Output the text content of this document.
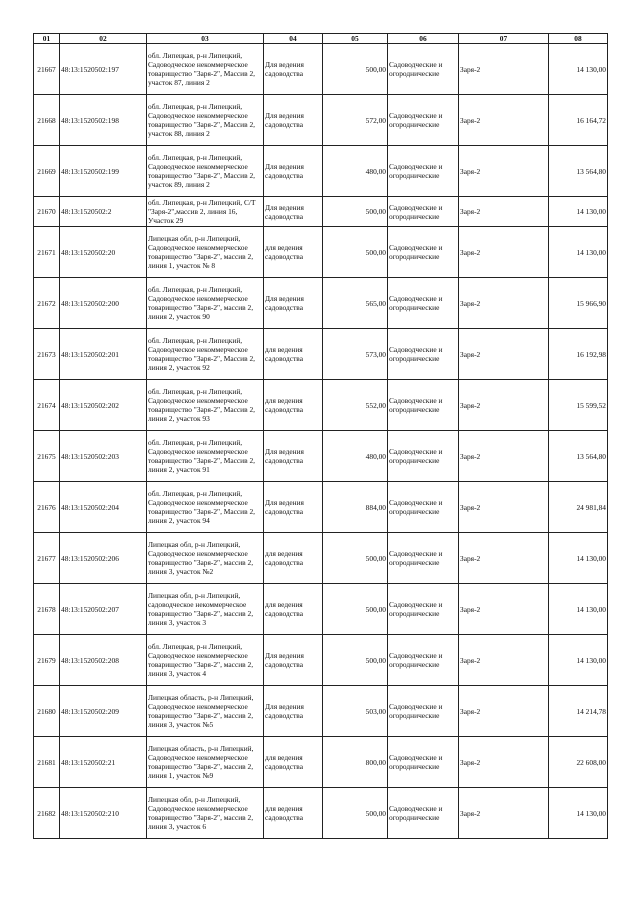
01	02	03	04	05	06	07	08
21667	48:13:1520502:197	обл. Липецкая, р-н Липецкий, Садоводческое некоммерческое товарищество "Заря-2", Массив 2, участок 87, линия 2	Для ведения садоводства	500,00	Садоводческие и огороднические	Заря-2	14 130,00
21668	48:13:1520502:198	обл. Липецкая, р-н Липецкий, Садоводческое некоммерческое товарищество "Заря-2", Массив 2, участок 88, линия 2	Для ведения садоводства	572,00	Садоводческие и огороднические	Заря-2	16 164,72
21669	48:13:1520502:199	обл. Липецкая, р-н Липецкий, Садоводческое некоммерческое товарищество "Заря-2", Массив 2, участок 89, линия 2	Для ведения садоводства	480,00	Садоводческие и огороднические	Заря-2	13 564,80
21670	48:13:1520502:2	обл. Липецкая, р-н Липецкий, С/Т "Заря-2",массив 2, линия 16, Участок 29	Для ведения садоводства	500,00	Садоводческие и огороднические	Заря-2	14 130,00
21671	48:13:1520502:20	Липецкая обл, р-н Липецкий, Садоводческое некоммерческое товарищество "Заря-2", массив 2, линия 1, участок № 8	для ведения садоводства	500,00	Садоводческие и огороднические	Заря-2	14 130,00
21672	48:13:1520502:200	обл. Липецкая, р-н Липецкий, Садоводческое некоммерческое товарищество "Заря-2", массив 2, линия 2, участок 90	Для ведения садоводства	565,00	Садоводческие и огороднические	Заря-2	15 966,90
21673	48:13:1520502:201	обл. Липецкая, р-н Липецкий, Садоводческое некоммерческое товарищество "Заря-2", Массив 2, линия 2, участок 92	для ведения садоводства	573,00	Садоводческие и огороднические	Заря-2	16 192,98
21674	48:13:1520502:202	обл. Липецкая, р-н Липецкий, Садоводческое некоммерческое товарищество "Заря-2", Массив 2, линия 2, участок 93	для ведения садоводства	552,00	Садоводческие и огороднические	Заря-2	15 599,52
21675	48:13:1520502:203	обл. Липецкая, р-н Липецкий, Садоводческое некоммерческое товарищество "Заря-2", Массив 2, линия 2, участок 91	Для ведения садоводства	480,00	Садоводческие и огороднические	Заря-2	13 564,80
21676	48:13:1520502:204	обл. Липецкая, р-н Липецкий, Садоводческое некоммерческое товарищество "Заря-2", Массив 2, линия 2, участок 94	Для ведения садоводства	884,00	Садоводческие и огороднические	Заря-2	24 981,84
21677	48:13:1520502:206	Липецкая обл, р-н Липецкий, Садоводческое некоммерческое товарищество "Заря-2", массив 2, линия 3, участок №2	для ведения садоводства	500,00	Садоводческие и огороднические	Заря-2	14 130,00
21678	48:13:1520502:207	Липецкая обл, р-н Липецкий, садоводческое некоммерческое товарищество "Заря-2", массив 2, линия 3, участок 3	для ведения садоводства	500,00	Садоводческие и огороднические	Заря-2	14 130,00
21679	48:13:1520502:208	обл. Липецкая, р-н Липецкий, Садоводческое некоммерческое товарищество "Заря-2", массив 2, линия 3, участок 4	Для ведения садоводства	500,00	Садоводческие и огороднические	Заря-2	14 130,00
21680	48:13:1520502:209	Липецкая область, р-н Липецкий, Садоводческое некоммерческое товарищество "Заря-2", массив 2, линия 3, участок №5	Для ведения садоводства	503,00	Садоводческие и огороднические	Заря-2	14 214,78
21681	48:13:1520502:21	Липецкая область, р-н Липецкий, Садоводческое некоммерческое товарищество "Заря-2", массив 2, линия 1, участок №9	для ведения садоводства	800,00	Садоводческие и огороднические	Заря-2	22 608,00
21682	48:13:1520502:210	Липецкая обл, р-н Липецкий, Садоводческое некоммерческое товарищество "Заря-2", массив 2, линия 3, участок 6	для ведения садоводства	500,00	Садоводческие и огороднические	Заря-2	14 130,00
